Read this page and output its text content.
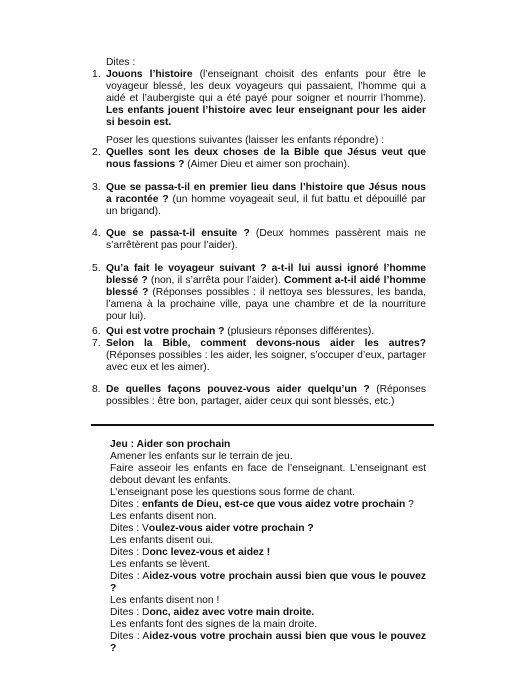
Dites :
1. Jouons l’histoire (l’enseignant choisit des enfants pour être le voyageur blessé, les deux voyageurs qui passaient, l’homme qui a aidé et l’aubergiste qui a été payé pour soigner et nourrir l’homme). Les enfants jouent l’histoire avec leur enseignant pour les aider si besoin est.
Poser les questions suivantes (laisser les enfants répondre) :
2. Quelles sont les deux choses de la Bible que Jésus veut que nous fassions ? (Aimer Dieu et aimer son prochain).
3. Que se passa-t-il en premier lieu dans l’histoire que Jésus nous a racontée ? (un homme voyageait seul, il fut battu et dépouillé par un brigand).
4. Que se passa-t-il ensuite ? (Deux hommes passèrent mais ne s’arrêtèrent pas pour l’aider).
5. Qu’a fait le voyageur suivant ? a-t-il lui aussi ignoré l’homme blessé ? (non, il s’arrêta pour l’aider). Comment a-t-il aidé l’homme blessé ? (Réponses possibles : il nettoya ses blessures, les banda, l’amena à la prochaine ville, paya une chambre et de la nourriture pour lui).
6. Qui est votre prochain ? (plusieurs réponses différentes).
7. Selon la Bible, comment devons-nous aider les autres? (Réponses possibles : les aider, les soigner, s’occuper d’eux, partager avec eux et les aimer).
8. De quelles façons pouvez-vous aider quelqu’un ? (Réponses possibles : être bon, partager, aider ceux qui sont blessés, etc.)

Jeu : Aider son prochain

Amener les enfants sur le terrain de jeu.

Faire asseoir les enfants en face de l’enseignant. L’enseignant est debout devant les enfants.

L’enseignant pose les questions sous forme de chant.

Dites : enfants de Dieu, est-ce que vous aidez votre prochain ?

Les enfants disent non.

Dites : Voulez-vous aider votre prochain ?

Les enfants disent oui.

Dites : Donc levez-vous et aidez !

Les enfants se lèvent.

Dites : Aidez-vous votre prochain aussi bien que vous le pouvez ?

Les enfants disent non !

Dites : Donc, aidez avec votre main droite.

Les enfants font des signes de la main droite.

Dites : Aidez-vous votre prochain aussi bien que vous le pouvez ?
